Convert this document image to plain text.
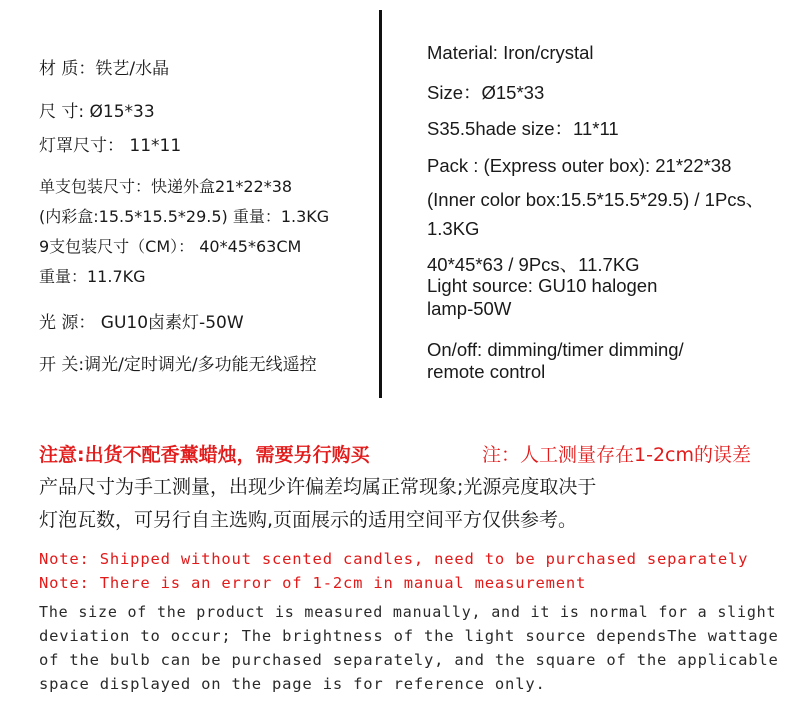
材 质：铁艺/水晶
尺 寸: Ø15*33
灯罩尺寸： 11*11
单支包装尺寸：快递外盒21*22*38
(内彩盒:15.5*15.5*29.5) 重量：1.3KG
9支包装尺寸（CM）： 40*45*63CM
重量：11.7KG
光 源： GU10卤素灯-50W
开 关:调光/定时调光/多功能无线遥控
Material: Iron/crystal
Size：Ø15*33
S35.5hade size：11*11
Pack : (Express outer box): 21*22*38
(Inner color box:15.5*15.5*29.5) / 1Pcs、
1.3KG
40*45*63 / 9Pcs、11.7KG
Light source: GU10 halogen
lamp-50W
On/off: dimming/timer dimming/
remote control
注意:出货不配香薰蜡烛，需要另行购买	注：人工测量存在1-2cm的误差
产品尺寸为手工测量，出现少许偏差均属正常现象;光源亮度取决于
灯泡瓦数，可另行自主选购,页面展示的适用空间平方仅供参考。
Note: Shipped without scented candles, need to be purchased separately
Note: There is an error of 1-2cm in manual measurement
The size of the product is measured manually, and it is normal for a slight
deviation to occur; The brightness of the light source dependsThe wattage
of the bulb can be purchased separately, and the square of the applicable
space displayed on the page is for reference only.
